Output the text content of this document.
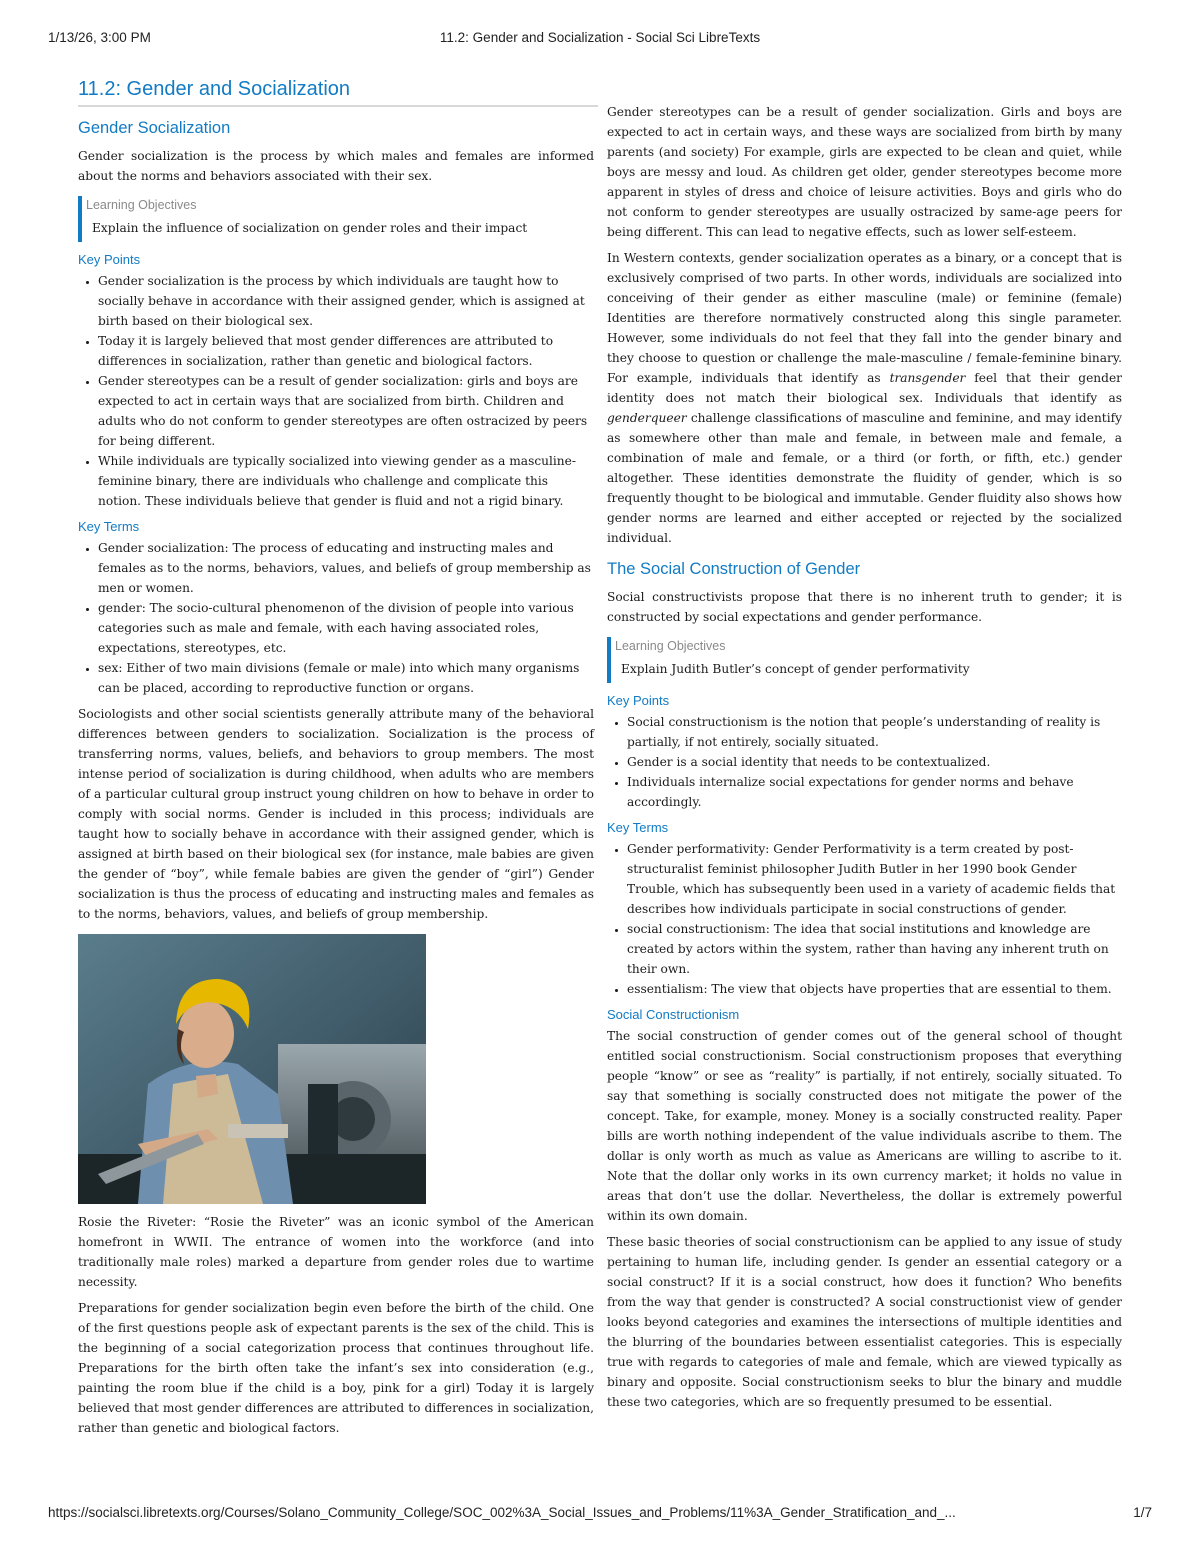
1/13/26, 3:00 PM	11.2: Gender and Socialization - Social Sci LibreTexts
11.2: Gender and Socialization
Gender Socialization

Gender socialization is the process by which males and females are informed about the norms and behaviors associated with their sex.

Learning Objectives
Explain the influence of socialization on gender roles and their impact
Key Points
• Gender socialization is the process by which individuals are taught how to socially behave in accordance with their assigned gender, which is assigned at birth based on their biological sex.
• Today it is largely believed that most gender differences are attributed to differences in socialization, rather than genetic and biological factors.
• Gender stereotypes can be a result of gender socialization: girls and boys are expected to act in certain ways that are socialized from birth. Children and adults who do not conform to gender stereotypes are often ostracized by peers for being different.
• While individuals are typically socialized into viewing gender as a masculine-feminine binary, there are individuals who challenge and complicate this notion. These individuals believe that gender is fluid and not a rigid binary.
Key Terms
• Gender socialization: The process of educating and instructing males and females as to the norms, behaviors, values, and beliefs of group membership as men or women.
• gender: The socio-cultural phenomenon of the division of people into various categories such as male and female, with each having associated roles, expectations, stereotypes, etc.
• sex: Either of two main divisions (female or male) into which many organisms can be placed, according to reproductive function or organs.

Sociologists and other social scientists generally attribute many of the behavioral differences between genders to socialization. Socialization is the process of transferring norms, values, beliefs, and behaviors to group members. The most intense period of socialization is during childhood, when adults who are members of a particular cultural group instruct young children on how to behave in order to comply with social norms. Gender is included in this process; individuals are taught how to socially behave in accordance with their assigned gender, which is assigned at birth based on their biological sex (for instance, male babies are given the gender of “boy”, while female babies are given the gender of “girl”) Gender socialization is thus the process of educating and instructing males and females as to the norms, behaviors, values, and beliefs of group membership.

Rosie the Riveter: “Rosie the Riveter” was an iconic symbol of the American homefront in WWII. The entrance of women into the workforce (and into traditionally male roles) marked a departure from gender roles due to wartime necessity.

Preparations for gender socialization begin even before the birth of the child. One of the first questions people ask of expectant parents is the sex of the child. This is the beginning of a social categorization process that continues throughout life. Preparations for the birth often take the infant’s sex into consideration (e.g., painting the room blue if the child is a boy, pink for a girl) Today it is largely believed that most gender differences are attributed to differences in socialization, rather than genetic and biological factors.

Gender stereotypes can be a result of gender socialization. Girls and boys are expected to act in certain ways, and these ways are socialized from birth by many parents (and society) For example, girls are expected to be clean and quiet, while boys are messy and loud. As children get older, gender stereotypes become more apparent in styles of dress and choice of leisure activities. Boys and girls who do not conform to gender stereotypes are usually ostracized by same-age peers for being different. This can lead to negative effects, such as lower self-esteem.

In Western contexts, gender socialization operates as a binary, or a concept that is exclusively comprised of two parts. In other words, individuals are socialized into conceiving of their gender as either masculine (male) or feminine (female) Identities are therefore normatively constructed along this single parameter. However, some individuals do not feel that they fall into the gender binary and they choose to question or challenge the male-masculine / female-feminine binary. For example, individuals that identify as transgender feel that their gender identity does not match their biological sex. Individuals that identify as genderqueer challenge classifications of masculine and feminine, and may identify as somewhere other than male and female, in between male and female, a combination of male and female, or a third (or forth, or fifth, etc.) gender altogether. These identities demonstrate the fluidity of gender, which is so frequently thought to be biological and immutable. Gender fluidity also shows how gender norms are learned and either accepted or rejected by the socialized individual.

The Social Construction of Gender

Social constructivists propose that there is no inherent truth to gender; it is constructed by social expectations and gender performance.

Learning Objectives
Explain Judith Butler’s concept of gender performativity
Key Points
• Social constructionism is the notion that people’s understanding of reality is partially, if not entirely, socially situated.
• Gender is a social identity that needs to be contextualized.
• Individuals internalize social expectations for gender norms and behave accordingly.
Key Terms
• Gender performativity: Gender Performativity is a term created by post-structuralist feminist philosopher Judith Butler in her 1990 book Gender Trouble, which has subsequently been used in a variety of academic fields that describes how individuals participate in social constructions of gender.
• social constructionism: The idea that social institutions and knowledge are created by actors within the system, rather than having any inherent truth on their own.
• essentialism: The view that objects have properties that are essential to them.
Social Constructionism

The social construction of gender comes out of the general school of thought entitled social constructionism. Social constructionism proposes that everything people “know” or see as “reality” is partially, if not entirely, socially situated. To say that something is socially constructed does not mitigate the power of the concept. Take, for example, money. Money is a socially constructed reality. Paper bills are worth nothing independent of the value individuals ascribe to them. The dollar is only worth as much as value as Americans are willing to ascribe to it. Note that the dollar only works in its own currency market; it holds no value in areas that don’t use the dollar. Nevertheless, the dollar is extremely powerful within its own domain.

These basic theories of social constructionism can be applied to any issue of study pertaining to human life, including gender. Is gender an essential category or a social construct? If it is a social construct, how does it function? Who benefits from the way that gender is constructed? A social constructionist view of gender looks beyond categories and examines the intersections of multiple identities and the blurring of the boundaries between essentialist categories. This is especially true with regards to categories of male and female, which are viewed typically as binary and opposite. Social constructionism seeks to blur the binary and muddle these two categories, which are so frequently presumed to be essential.

https://socialsci.libretexts.org/Courses/Solano_Community_College/SOC_002%3A_Social_Issues_and_Problems/11%3A_Gender_Stratification_and_...	1/7
